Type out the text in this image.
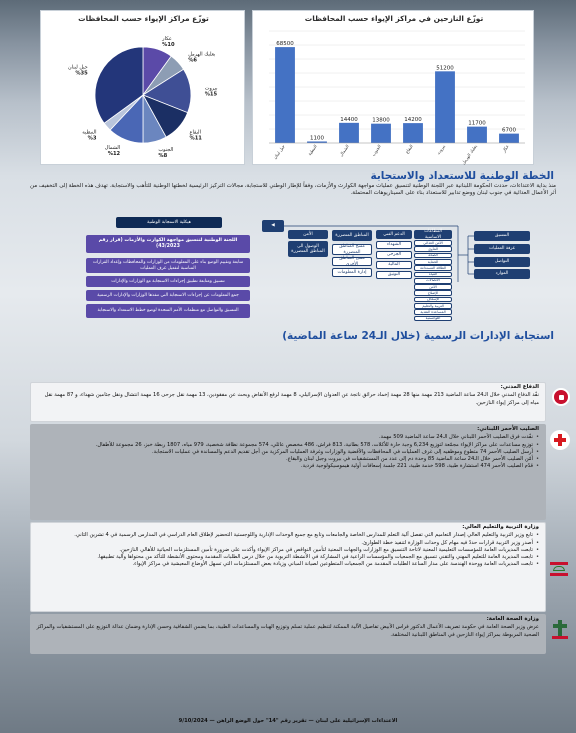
توزّع مراكز الإيواء حسب المحافظات
عكار
%10
بعلبك الهرمل
%6
بيروت
%15
البقاع
%11
الجنوب
%8
الشمال
%12
النبطية
%3
جبل لبنان
%35
توزّع النازحين في مراكز الإيواء حسب المحافظات
6700
عكار
11700
بعلبك الهرمل
51200
بيروت
14200
البقاع
13800
الجنوب
14400
الشمال
1100
النبطية
68500
جبل لبنان
الخطة الوطنية للاستعداد والاستجابة
منذ بداية الاعتداءات، حددت الحكومة اللبنانية عبر اللجنة الوطنية لتنسيق عمليات مواجهة الكوارث والأزمات، وفقاً للإطار الوطني للاستجابة، مجالات التركيز الرئيسية لخطتها الوطنية للتأهب والاستجابة. تهدف هذه الخطة إلى التخفيف من أثر الأعمال العدائية في جنوب لبنان ووضع تدابير للاستعداد بناء على السيناريوهات المحتملة.
هيكلية الاستجابة الوطنية
اللجنة الوطنية لتنسيق مواجهة الكوارث والأزمات (قرار رقم 43/2023)
متابعة وتقييم الوضع بناء على المعلومات من الوزارات والمحافظات وإعداد القرارات المناسبة لتفعيل غرف العمليات
تنسيق ومتابعة تطبيق إجراءات الاستجابة مع الوزارات والإدارات
جمع المعلومات عن إجراءات الاستجابة التي تنفذها الوزارات والإدارات الرسمية
التنسيق والتواصل مع منظمات الأمم المتحدة لوضع خطط الاستعداد والاستجابة
◀
الأمن
الوصول الى المناطق المتضررة
المناطق المتضررة
مسح المناطق المتضررة
مسح المناطق الأخرى
إدارة المعلومات
الدعم الفني
الشهداء
الجرحى
المالية
التوثيق
القطاعات الاساسية
الأمن الغذائي
المأوى
الصحة
الحماية
الطاقة المستدامة
المياه
الاتصالات
الأمن
الإصلاح
الإسعاف
التربية والتعليم
المساعدة النقدية
اللوجستية
التنسيق
غرفة العمليات
التواصل
الموارد
استجابة الإدارات الرسمية (خلال الـ24 ساعة الماضية)
الدفاع المدني:
نفّذ الدفاع المدني خلال الـ24 ساعة الماضية 213 مهمة منها 28 مهمة إخماد حرائق ناتجة عن العدوان الإسرائيلي، 8 مهمة لرفع الأنقاض وبحث عن مفقودين، 13 مهمة نقل جرحى 16 مهمة انتشال ونقل جثامين شهداء، و 87 مهمة نقل مياه إلى مراكز إيواء النازحين.
الصليب الأحمر اللبناني:
• نفّذت فرق الصليب الأحمر اللبناني خلال الـ24 ساعة الماضية 509 مهمة.
• توزيع مساعدات على مراكز الإيواء مجمّعة لتوزيع 6,234 وجبة حارة للأكلات، 578 بطانية، 813 فراش، 486 مخصص عائلي، 574 مجموعة نظافة شخصية، 979 مياه، 1807 ربطة خبز، 26 مجموعة للأطفال.
• أرسل الصليب الأحمر 74 متطوع وموظفيه إلى غرف العمليات في المحافظات والأقضية والوزارات وغرفة العمليات المركزية من أجل تقديم الدعم والمساندة في عمليات الاستجابة.
• أمّن الصليب الأحمر خلال الـ24 ساعة الماضية 85 وحدة دم إلى عدد من المستشفيات في بيروت وجبل لبنان والبقاع.
• قدّم الصليب الأحمر 474 استشارة طبية، 598 خدمة طبية، 221 جلسة إسعافات أولية هيموسيكولوجية فردية.
وزارة التربية والتعليم العالي:
• تابع وزير التربية والتعليم العالي إصدار التعاميم التي تفصل آلية التعلم للمدارس الخاصة والجامعات وتابع مع جميع الوحدات الإدارية واللوجستية التحضير لإطلاق العام الدراسي في المدارس الرسمية في 4 تشرين الثاني.
• أصدر وزير التربية قرارات حددّ فيه مهام كل وحدات الوزارة لتنفيذ خطة الطوارئ.
• تابعت المديريات العامة للمؤسسات التعليمية المعنية لاتاحة التنسيق مع الوزارات والجهات المعنية لتأمين النواقص في مراكز الإيواء وأكدت على ضرورة تأمين المستلزمات الحياتية للأهالي النازحين.
• تابعت المديرية العامة للتعليم المهني والتقني تنسيق مع الجمعيات والمؤسسات الراعية في المشاركة في الأنشطة التربوية من خلال درس الطلبات المقدمة ومحتوى الأنشطة للتأكد من محتواها وآلية تطبيقها.
• تابعت المديريات العامة ووحدة الهندسة على مدار الساعة الطلبات المقدمة من الجمعيات المتطوعين لصيانة المباني وزيادة بعض المستلزمات التي تسهل الأوضاع المعيشية في مراكز الإيواء.
وزارة الصحة العامة:
عرض وزير الصحة العامة في حكومة تصريف الأعمال الدكتور فراس الأبيض تفاصيل الآلية الممكنة لتنظيم عملية تسلم وتوزيع الهبات والمساعدات الطبية، بما يضمن الشفافية وحسن الإدارة وضمان عدالة التوزيع على المستشفيات والمراكز الصحية المربوطة بمراكز إيواء النازحين في المناطق اللبنانية المختلفة.
الاعتداءات الإسرائيلية على لبنان — تقرير رقم "14" حول الوضع الراهن — 9/10/2024
